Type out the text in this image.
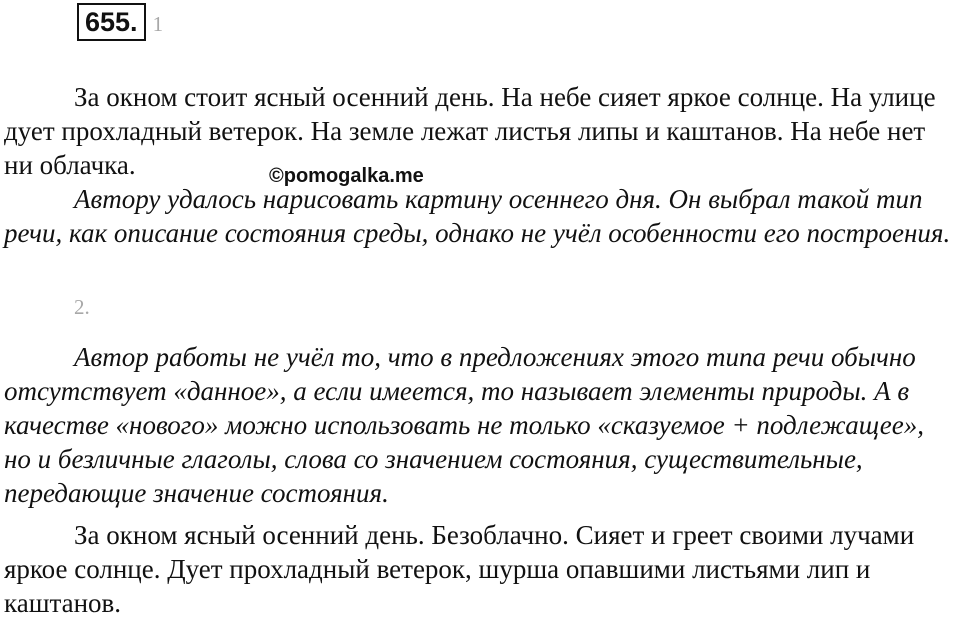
655. 1

За окном стоит ясный осенний день. На небе сияет яркое солнце. На улице дует прохладный ветерок. На земле лежат листья липы и каштанов. На небе нет ни облачка.

Автору удалось нарисовать картину осеннего дня. Он выбрал такой тип речи, как описание состояния среды, однако не учёл особенности его построения.

©pomogalka.me
2.

Автор работы не учёл то, что в предложениях этого типа речи обычно отсутствует «данное», а если имеется, то называет элементы природы. А в качестве «нового» можно использовать не только «сказуемое + подлежащее», но и безличные глаголы, слова со значением состояния, существительные, передающие значение состояния.

За окном ясный осенний день. Безоблачно. Сияет и греет своими лучами яркое солнце. Дует прохладный ветерок, шурша опавшими листьями лип и каштанов.
